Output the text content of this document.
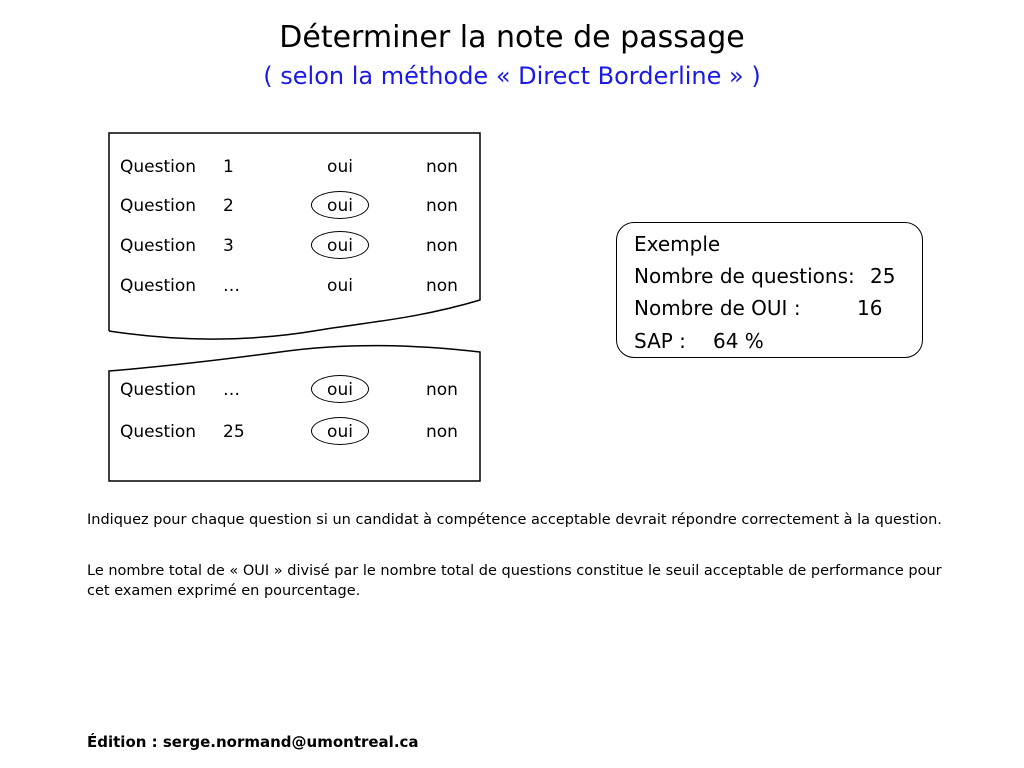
Déterminer la note de passage
( selon la méthode « Direct Borderline » )
Question 1	oui	non
Question 2	oui	non
Question 3	oui	non
Question …	oui	non
Question …	oui	non
Question 25	oui	non
Exemple
Nombre de questions: 25
Nombre de OUI :	16
SAP : 64 %
Indiquez pour chaque question si un candidat à compétence acceptable devrait répondre correctement à la question.
Le nombre total de « OUI » divisé par le nombre total de questions constitue le seuil acceptable de performance pour cet examen exprimé en pourcentage.
Édition : serge.normand@umontreal.ca
